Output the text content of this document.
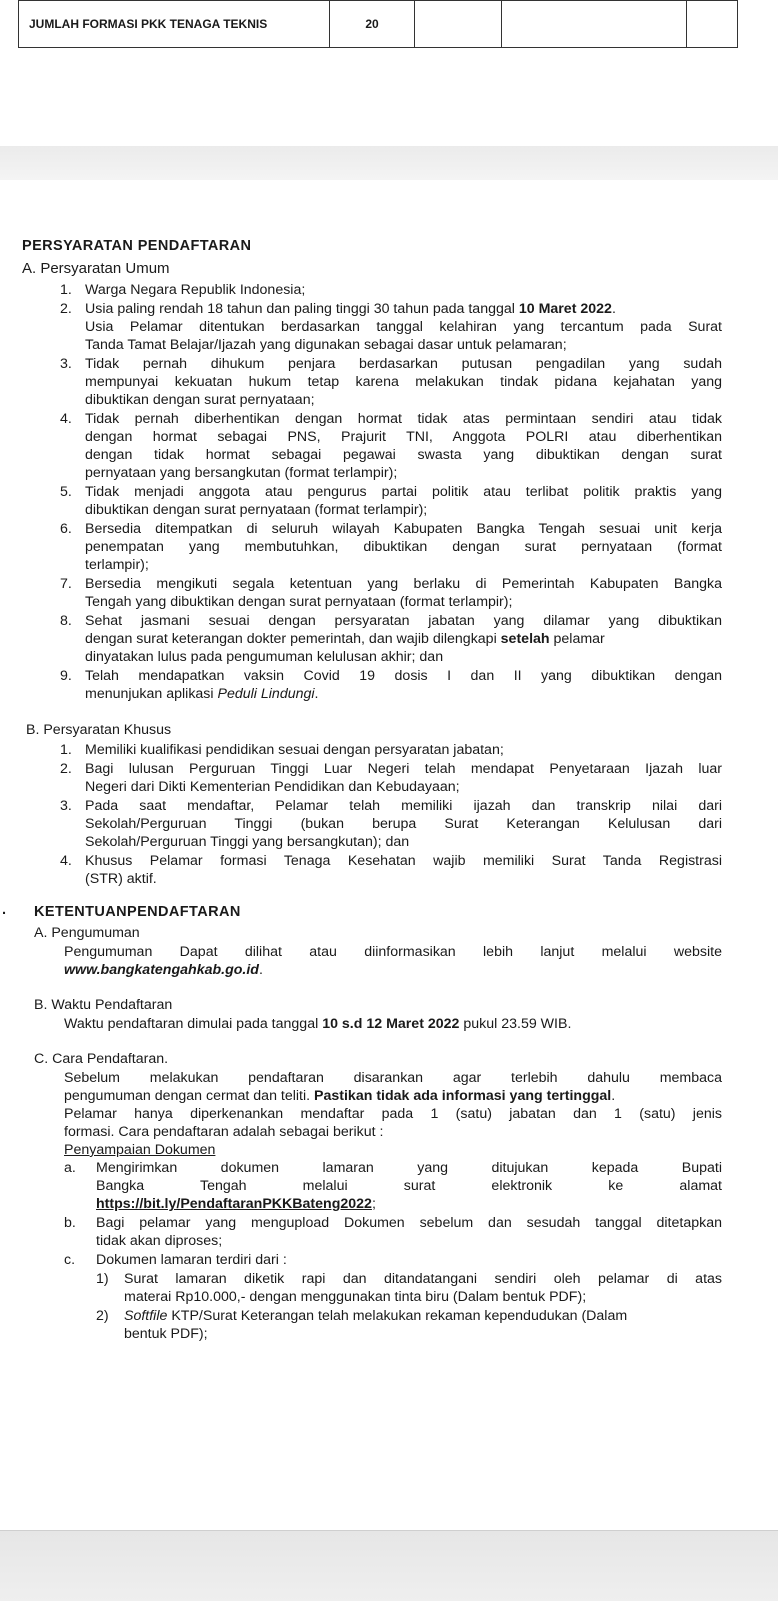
JUMLAH FORMASI PKK TENAGA TEKNIS	20			
PERSYARATAN PENDAFTARAN
A. Persyaratan Umum
1. Warga Negara Republik Indonesia;
2. Usia paling rendah 18 tahun dan paling tinggi 30 tahun pada tanggal 10 Maret 2022.
Usia Pelamar ditentukan berdasarkan tanggal kelahiran yang tercantum pada Surat
Tanda Tamat Belajar/Ijazah yang digunakan sebagai dasar untuk pelamaran;
3. Tidak pernah dihukum penjara berdasarkan putusan pengadilan yang sudah
mempunyai kekuatan hukum tetap karena melakukan tindak pidana kejahatan yang
dibuktikan dengan surat pernyataan;
4. Tidak pernah diberhentikan dengan hormat tidak atas permintaan sendiri atau tidak
dengan hormat sebagai PNS, Prajurit TNI, Anggota POLRI atau diberhentikan
dengan tidak hormat sebagai pegawai swasta yang dibuktikan dengan surat
pernyataan yang bersangkutan (format terlampir);
5. Tidak menjadi anggota atau pengurus partai politik atau terlibat politik praktis yang
dibuktikan dengan surat pernyataan (format terlampir);
6. Bersedia ditempatkan di seluruh wilayah Kabupaten Bangka Tengah sesuai unit kerja
penempatan yang membutuhkan, dibuktikan dengan surat pernyataan (format
terlampir);
7. Bersedia mengikuti segala ketentuan yang berlaku di Pemerintah Kabupaten Bangka
Tengah yang dibuktikan dengan surat pernyataan (format terlampir);
8. Sehat jasmani sesuai dengan persyaratan jabatan yang dilamar yang dibuktikan
dengan surat keterangan dokter pemerintah, dan wajib dilengkapi setelah pelamar
dinyatakan lulus pada pengumuman kelulusan akhir; dan
9. Telah mendapatkan vaksin Covid 19 dosis I dan II yang dibuktikan dengan
menunjukan aplikasi Peduli Lindungi.
B. Persyaratan Khusus
1. Memiliki kualifikasi pendidikan sesuai dengan persyaratan jabatan;
2. Bagi lulusan Perguruan Tinggi Luar Negeri telah mendapat Penyetaraan Ijazah luar
Negeri dari Dikti Kementerian Pendidikan dan Kebudayaan;
3. Pada saat mendaftar, Pelamar telah memiliki ijazah dan transkrip nilai dari
Sekolah/Perguruan Tinggi (bukan berupa Surat Keterangan Kelulusan dari
Sekolah/Perguruan Tinggi yang bersangkutan); dan
4. Khusus Pelamar formasi Tenaga Kesehatan wajib memiliki Surat Tanda Registrasi
(STR) aktif.
. KETENTUANPENDAFTARAN
A. Pengumuman
Pengumuman Dapat dilihat atau diinformasikan lebih lanjut melalui website
www.bangkatengahkab.go.id.
B. Waktu Pendaftaran
Waktu pendaftaran dimulai pada tanggal 10 s.d 12 Maret 2022 pukul 23.59 WIB.
C. Cara Pendaftaran.
Sebelum melakukan pendaftaran disarankan agar terlebih dahulu membaca
pengumuman dengan cermat dan teliti. Pastikan tidak ada informasi yang tertinggal.
Pelamar hanya diperkenankan mendaftar pada 1 (satu) jabatan dan 1 (satu) jenis
formasi. Cara pendaftaran adalah sebagai berikut :
Penyampaian Dokumen
a. Mengirimkan dokumen lamaran yang ditujukan kepada Bupati
Bangka Tengah melalui surat elektronik ke alamat
https://bit.ly/PendaftaranPKKBateng2022;
b. Bagi pelamar yang mengupload Dokumen sebelum dan sesudah tanggal ditetapkan
tidak akan diproses;
c. Dokumen lamaran terdiri dari :
1) Surat lamaran diketik rapi dan ditandatangani sendiri oleh pelamar di atas
materai Rp10.000,- dengan menggunakan tinta biru (Dalam bentuk PDF);
2) Softfile KTP/Surat Keterangan telah melakukan rekaman kependudukan (Dalam
bentuk PDF);
